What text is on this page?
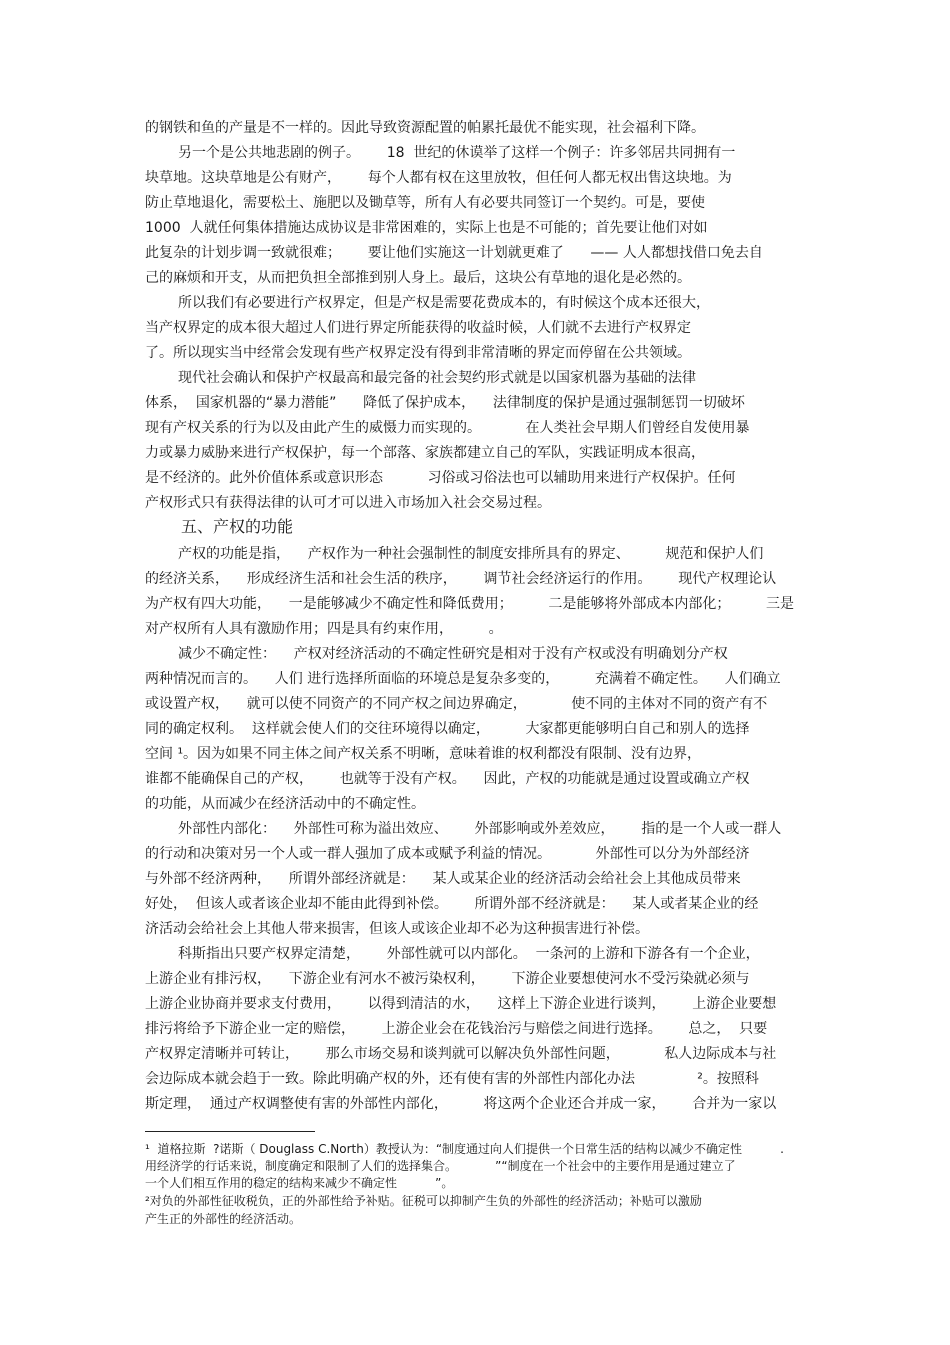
的钢铁和鱼的产量是不一样的。因此导致资源配置的帕累托最优不能实现，社会福利下降。
另一个是公共地悲剧的例子。      18  世纪的休谟举了这样一个例子：许多邻居共同拥有一
块草地。这块草地是公有财产，      每个人都有权在这里放牧，但任何人都无权出售这块地。为
防止草地退化，需要松土、施肥以及锄草等，所有人有必要共同签订一个契约。可是，要使
1000  人就任何集体措施达成协议是非常困难的，实际上也是不可能的；首先要让他们对如
此复杂的计划步调一致就很难；      要让他们实施这一计划就更难了      —— 人人都想找借口免去自
己的麻烦和开支，从而把负担全部推到别人身上。最后，这块公有草地的退化是必然的。
所以我们有必要进行产权界定，但是产权是需要花费成本的，有时候这个成本还很大，
当产权界定的成本很大超过人们进行界定所能获得的收益时候，人们就不去进行产权界定
了。所以现实当中经常会发现有些产权界定没有得到非常清晰的界定而停留在公共领域。
现代社会确认和保护产权最高和最完备的社会契约形式就是以国家机器为基础的法律
体系，  国家机器的“暴力潜能”      降低了保护成本，    法律制度的保护是通过强制惩罚一切破坏
现有产权关系的行为以及由此产生的威慑力而实现的。          在人类社会早期人们曾经自发使用暴
力或暴力威胁来进行产权保护，每一个部落、家族都建立自己的军队，实践证明成本很高，
是不经济的。此外价值体系或意识形态          习俗或习俗法也可以辅助用来进行产权保护。任何
产权形式只有获得法律的认可才可以进入市场加入社会交易过程。
五、产权的功能
产权的功能是指，    产权作为一种社会强制性的制度安排所具有的界定、        规范和保护人们
的经济关系，    形成经济生活和社会生活的秩序，      调节社会经济运行的作用。      现代产权理论认
为产权有四大功能，    一是能够减少不确定性和降低费用；        二是能够将外部成本内部化；        三是
对产权所有人具有激励作用；四是具有约束作用，        。
减少不确定性：    产权对经济活动的不确定性研究是相对于没有产权或没有明确划分产权
两种情况而言的。    人们 进行选择所面临的环境总是复杂多变的，        充满着不确定性。    人们确立
或设置产权，    就可以使不同资产的不同产权之间边界确定，          使不同的主体对不同的资产有不
同的确定权利。  这样就会使人们的交往环境得以确定，        大家都更能够明白自己和别人的选择
空间 ¹。因为如果不同主体之间产权关系不明晰，意味着谁的权利都没有限制、没有边界，
谁都不能确保自己的产权，      也就等于没有产权。    因此，产权的功能就是通过设置或确立产权
的功能，从而减少在经济活动中的不确定性。
外部性内部化：    外部性可称为溢出效应、      外部影响或外差效应，      指的是一个人或一群人
的行动和决策对另一个人或一群人强加了成本或赋予利益的情况。          外部性可以分为外部经济
与外部不经济两种，    所谓外部经济就是：    某人或某企业的经济活动会给社会上其他成员带来
好处，  但该人或者该企业却不能由此得到补偿。      所谓外部不经济就是：    某人或者某企业的经
济活动会给社会上其他人带来损害，但该人或该企业却不必为这种损害进行补偿。
科斯指出只要产权界定清楚，      外部性就可以内部化。  一条河的上游和下游各有一个企业，
上游企业有排污权，    下游企业有河水不被污染权利，      下游企业要想使河水不受污染就必须与
上游企业协商并要求支付费用，      以得到清洁的水，    这样上下游企业进行谈判，      上游企业要想
排污将给予下游企业一定的赔偿，      上游企业会在花钱治污与赔偿之间进行选择。      总之，  只要
产权界定清晰并可转让，      那么市场交易和谈判就可以解决负外部性问题，          私人边际成本与社
会边际成本就会趋于一致。除此明确产权的外，还有使有害的外部性内部化办法              ²。按照科
斯定理，  通过产权调整使有害的外部性内部化，        将这两个企业还合并成一家，      合并为一家以
¹  道格拉斯  ?诺斯（ Douglass C.North）教授认为：“制度通过向人们提供一个日常生活的结构以减少不确定性          .
用经济学的行话来说，制度确定和限制了人们的选择集合。          ”“制度在一个社会中的主要作用是通过建立了
一个人们相互作用的稳定的结构来减少不确定性          ”。
²对负的外部性征收税负，正的外部性给予补贴。征税可以抑制产生负的外部性的经济活动；补贴可以激励
产生正的外部性的经济活动。
